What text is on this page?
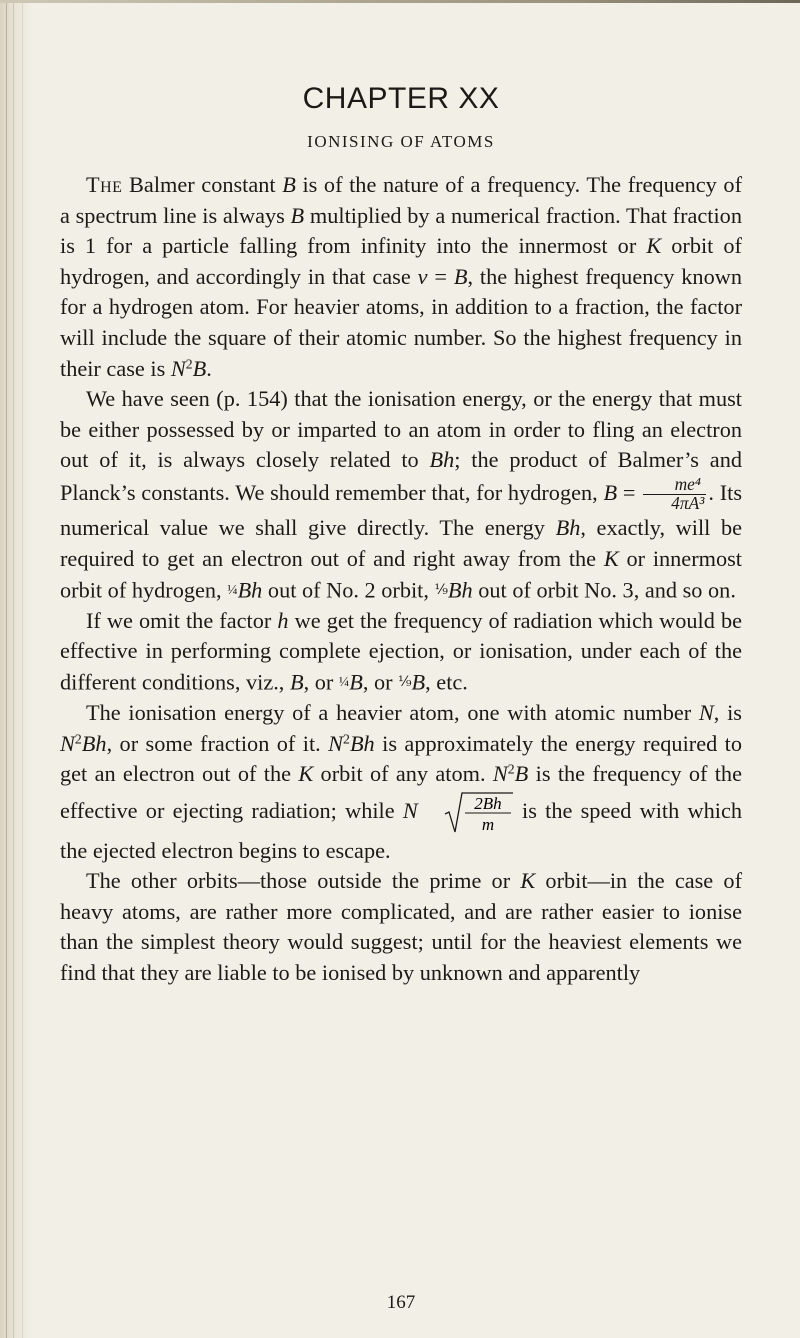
CHAPTER XX
IONISING OF ATOMS

The Balmer constant B is of the nature of a frequency. The frequency of a spectrum line is always B multiplied by a numerical fraction. That fraction is 1 for a particle falling from infinity into the innermost or K orbit of hydrogen, and accordingly in that case ν = B, the highest frequency known for a hydrogen atom. For heavier atoms, in addition to a fraction, the factor will include the square of their atomic number. So the highest frequency in their case is $N^2B$.

We have seen (p. 154) that the ionisation energy, or the energy that must be either possessed by or imparted to an atom in order to fling an electron out of it, is always closely related to Bh; the product of Balmer’s and Planck’s constants. We should remember that, for hydrogen, $B = \frac{\text{me⁴}}{\text{4πA³}}$ . Its numerical value we shall give directly. The energy Bh, exactly, will be required to get an electron out of and right away from the K or innermost orbit of hydrogen, ¼Bh out of No. 2 orbit, ⅑Bh out of orbit No. 3, and so on.

If we omit the factor h we get the frequency of radiation which would be effective in performing complete ejection, or ionisation, under each of the different conditions, viz., B, or ¼B, or ⅑B, etc.

The ionisation energy of a heavier atom, one with atomic number N, is $N^2Bh$, or some fraction of it. $N^2Bh$ is approximately the energy required to get an electron out of the K orbit of any atom. $N^2B$ is the frequency of the effective or ejecting radiation; while N	2Bh
m
is the speed with which the ejected electron begins to escape.

The other orbits—those outside the prime or K orbit—in the case of heavy atoms, are rather more complicated, and are rather easier to ionise than the simplest theory would suggest; until for the heaviest elements we find that they are liable to be ionised by unknown and apparently

167
